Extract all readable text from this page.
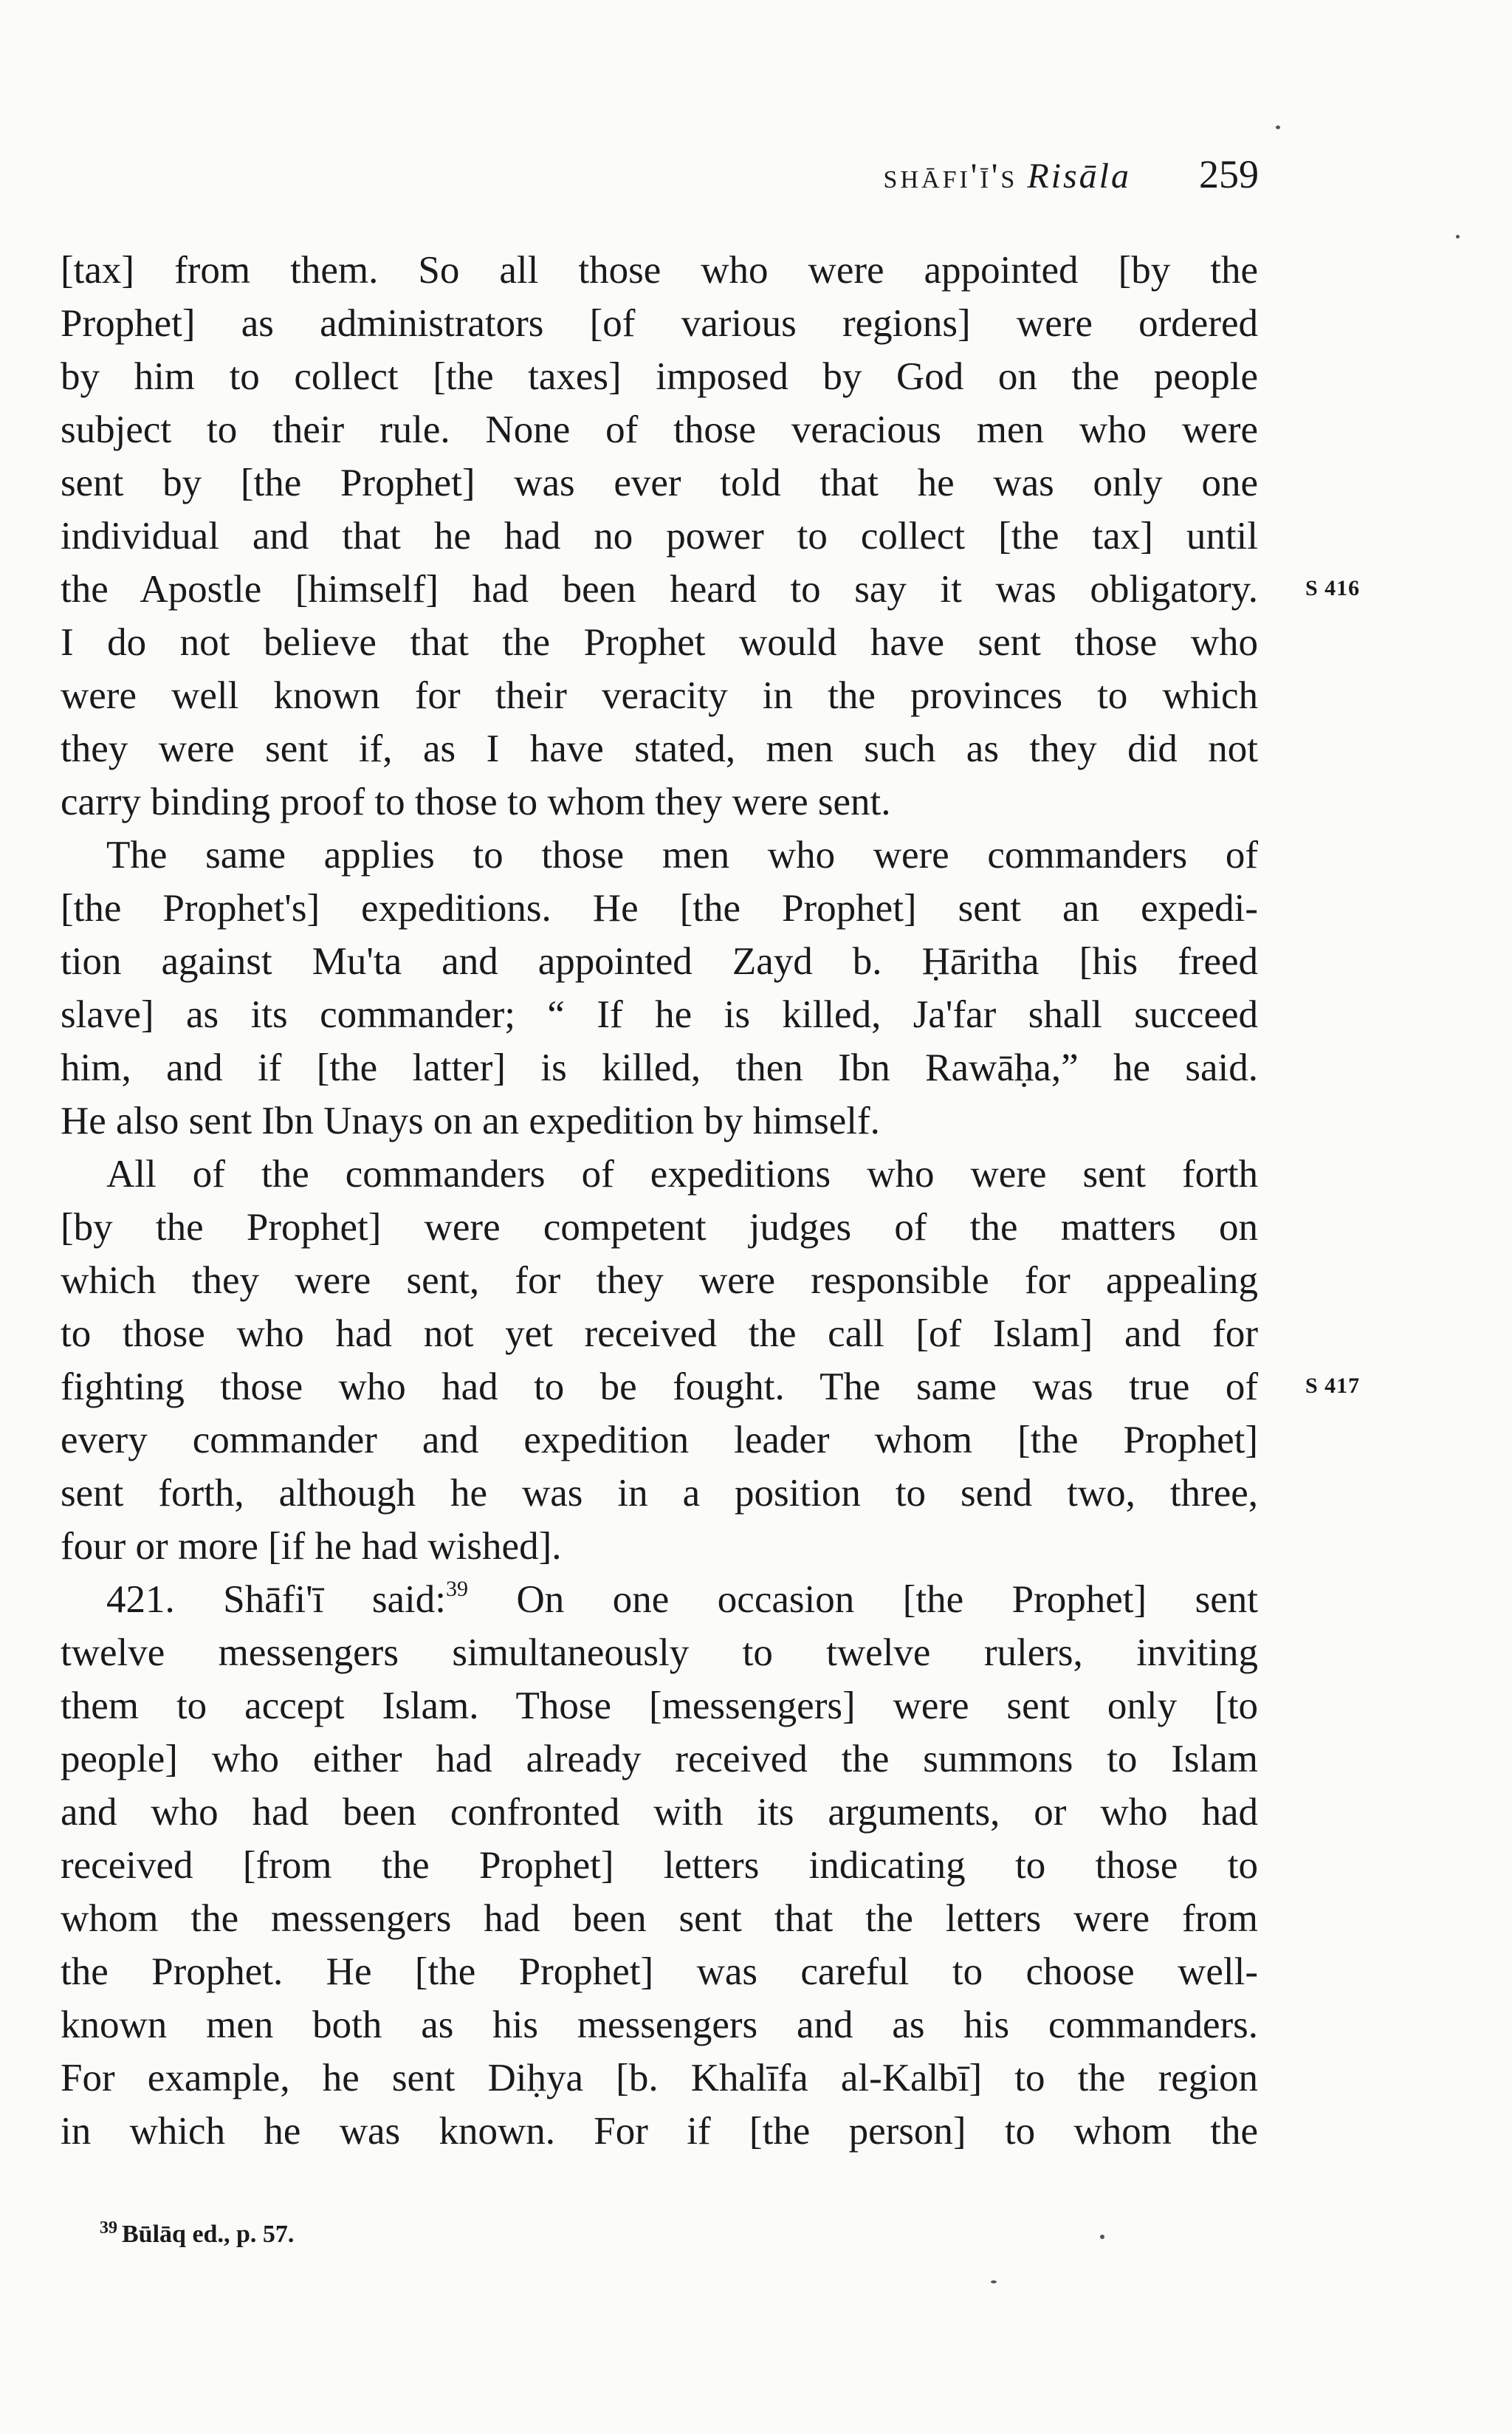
shāfi'ī's Risāla 259
[tax] from them. So all those who were appointed [by the
Prophet] as administrators [of various regions] were ordered
by him to collect [the taxes] imposed by God on the people
subject to their rule. None of those veracious men who were
sent by [the Prophet] was ever told that he was only one
individual and that he had no power to collect [the tax] until
the Apostle [himself] had been heard to say it was obligatory.
I do not believe that the Prophet would have sent those who
were well known for their veracity in the provinces to which
they were sent if, as I have stated, men such as they did not
carry binding proof to those to whom they were sent.
The same applies to those men who were commanders of
[the Prophet's] expeditions. He [the Prophet] sent an expedi-
tion against Mu'ta and appointed Zayd b. Ḥāritha [his freed
slave] as its commander; “ If he is killed, Ja'far shall succeed
him, and if [the latter] is killed, then Ibn Rawāḥa,” he said.
He also sent Ibn Unays on an expedition by himself.
All of the commanders of expeditions who were sent forth
[by the Prophet] were competent judges of the matters on
which they were sent, for they were responsible for appealing
to those who had not yet received the call [of Islam] and for
fighting those who had to be fought. The same was true of
every commander and expedition leader whom [the Prophet]
sent forth, although he was in a position to send two, three,
four or more [if he had wished].
421. Shāfi'ī said:$^{39}$ On one occasion [the Prophet] sent
twelve messengers simultaneously to twelve rulers, inviting
them to accept Islam. Those [messengers] were sent only [to
people] who either had already received the summons to Islam
and who had been confronted with its arguments, or who had
received [from the Prophet] letters indicating to those to
whom the messengers had been sent that the letters were from
the Prophet. He [the Prophet] was careful to choose well-
known men both as his messengers and as his commanders.
For example, he sent Diḥya [b. Khalīfa al-Kalbī] to the region
in which he was known. For if [the person] to whom the
S 416
S 417
$^{39}$ Būlāq ed., p. 57.
